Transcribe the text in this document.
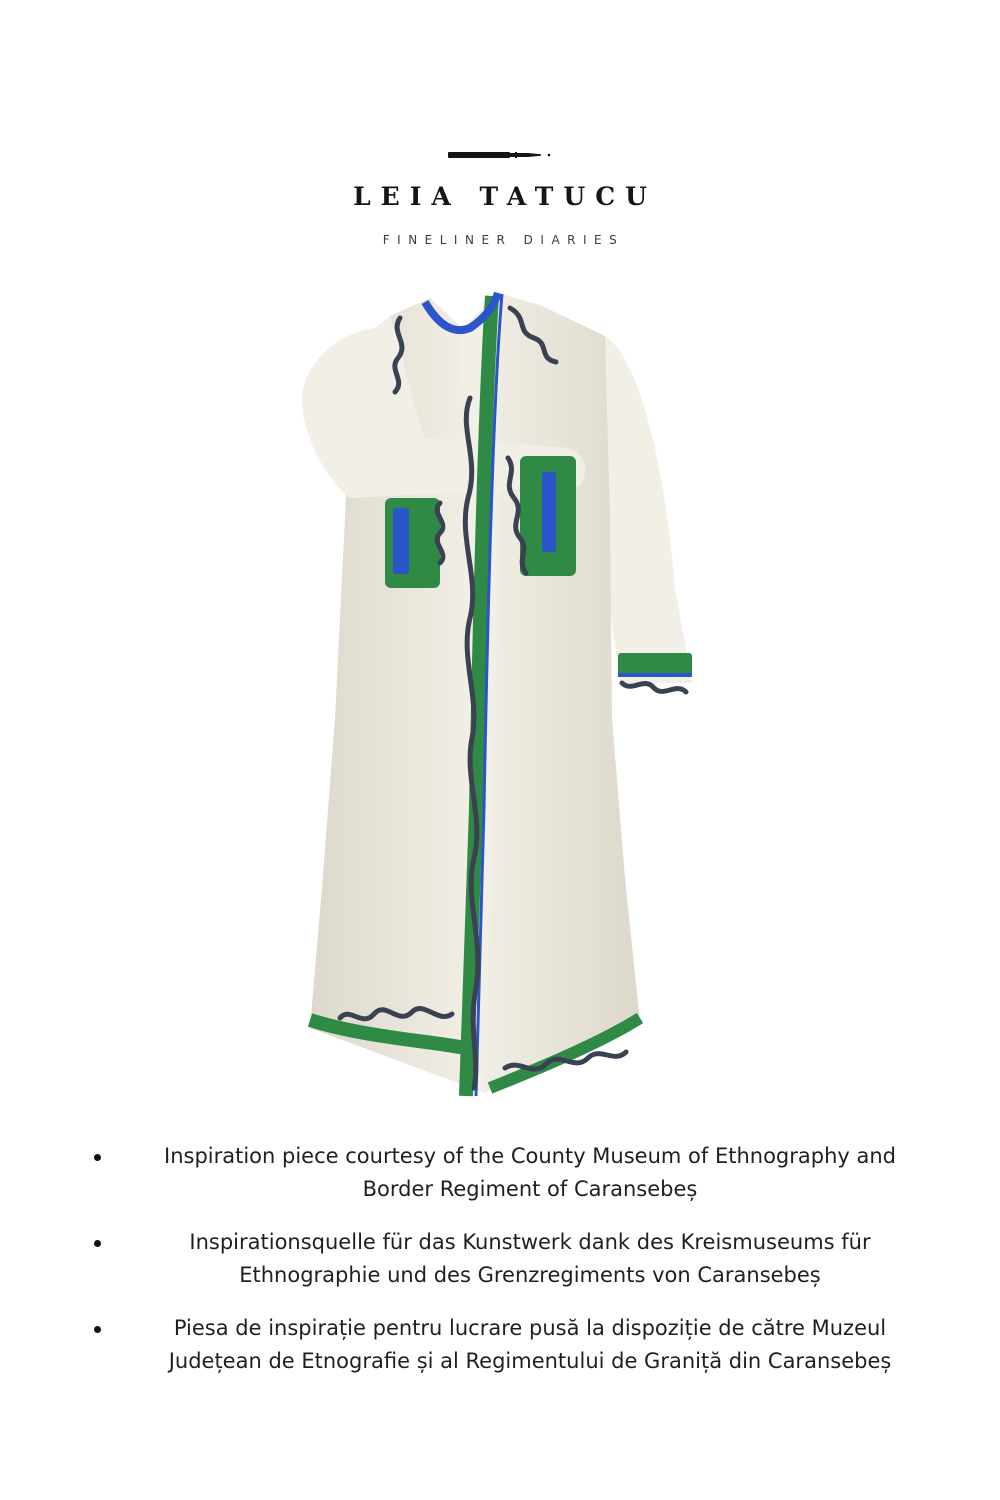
LEIA TATUCU
FINELINER DIARIES
Inspiration piece courtesy of the County Museum of Ethnography and Border Regiment of Caransebeș
Inspirationsquelle für das Kunstwerk dank des Kreismuseums für Ethnographie und des Grenzregiments von Caransebeș
Piesa de inspirație pentru lucrare pusă la dispoziție de către Muzeul Județean de Etnografie și al Regimentului de Graniță din Caransebeș
